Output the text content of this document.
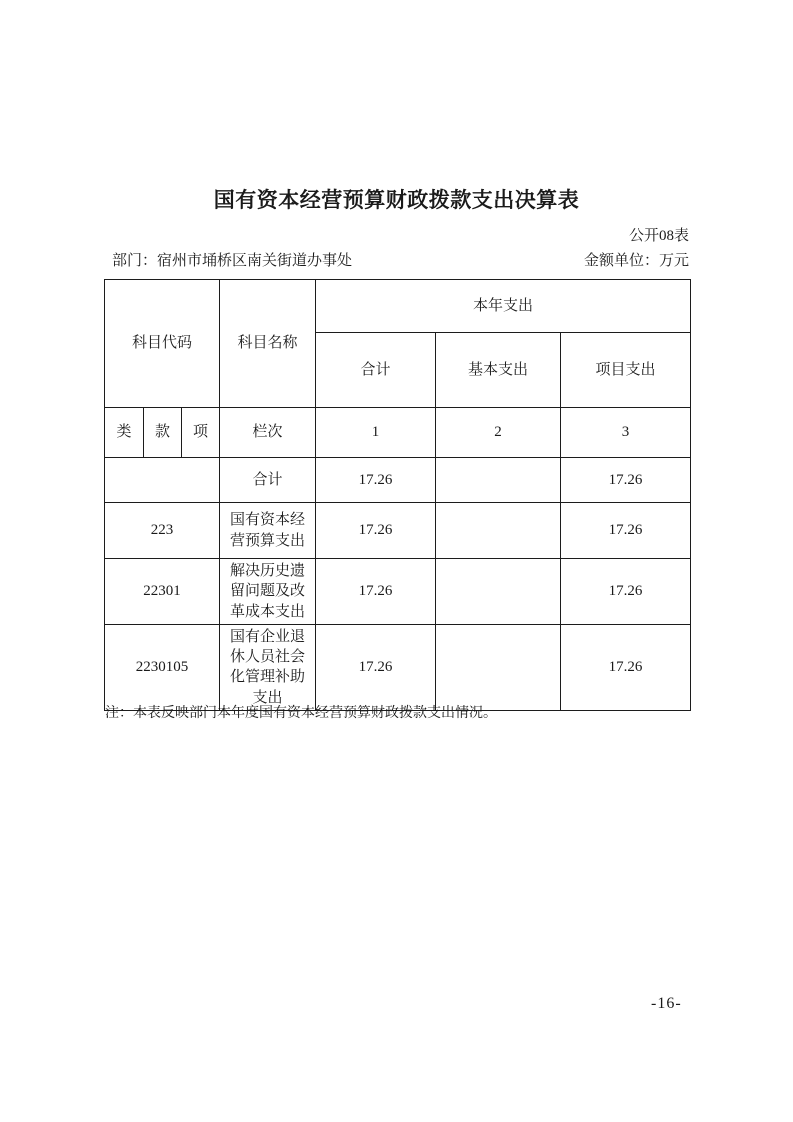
国有资本经营预算财政拨款支出决算表
公开08表
部门：宿州市埇桥区南关街道办事处	金额单位：万元
科目代码			科目名称	本年支出		
				合计	基本支出	项目支出
类	款	项	栏次	1	2	3
			合计	17.26		17.26
223			国有资本经营预算支出	17.26		17.26
22301			解决历史遗留问题及改革成本支出	17.26		17.26
2230105			国有企业退休人员社会化管理补助支出	17.26		17.26
注：本表反映部门本年度国有资本经营预算财政拨款支出情况。
-16-
